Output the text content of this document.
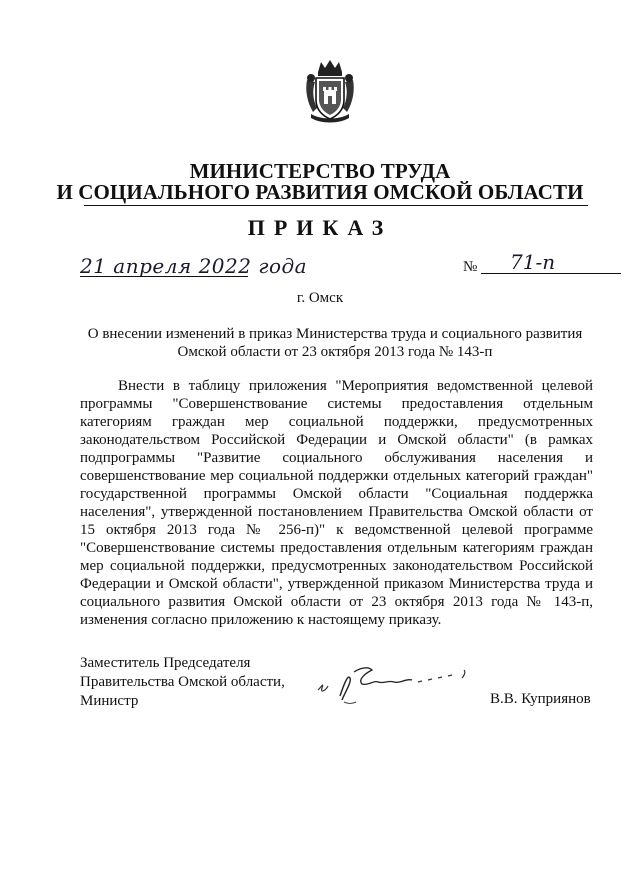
МИНИСТЕРСТВО ТРУДА
И СОЦИАЛЬНОГО РАЗВИТИЯ ОМСКОЙ ОБЛАСТИ
ПРИКАЗ
21 апреля 2022 года	№ 71-п
г. Омск
О внесении изменений в приказ Министерства труда и социального развития Омской области от 23 октября 2013 года № 143-п
Внести в таблицу приложения "Мероприятия ведомственной целевой программы "Совершенствование системы предоставления отдельным категориям граждан мер социальной поддержки, предусмотренных законодательством Российской Федерации и Омской области" (в рамках подпрограммы "Развитие социального обслуживания населения и совершенствование мер социальной поддержки отдельных категорий граждан" государственной программы Омской области "Социальная поддержка населения", утвержденной постановлением Правительства Омской области от 15 октября 2013 года № 256-п)" к ведомственной целевой программе "Совершенствование системы предоставления отдельным категориям граждан мер социальной поддержки, предусмотренных законодательством Российской Федерации и Омской области", утвержденной приказом Министерства труда и социального развития Омской области от 23 октября 2013 года № 143-п, изменения согласно приложению к настоящему приказу.
Заместитель Председателя
Правительства Омской области,
Министр	В.В. Куприянов
